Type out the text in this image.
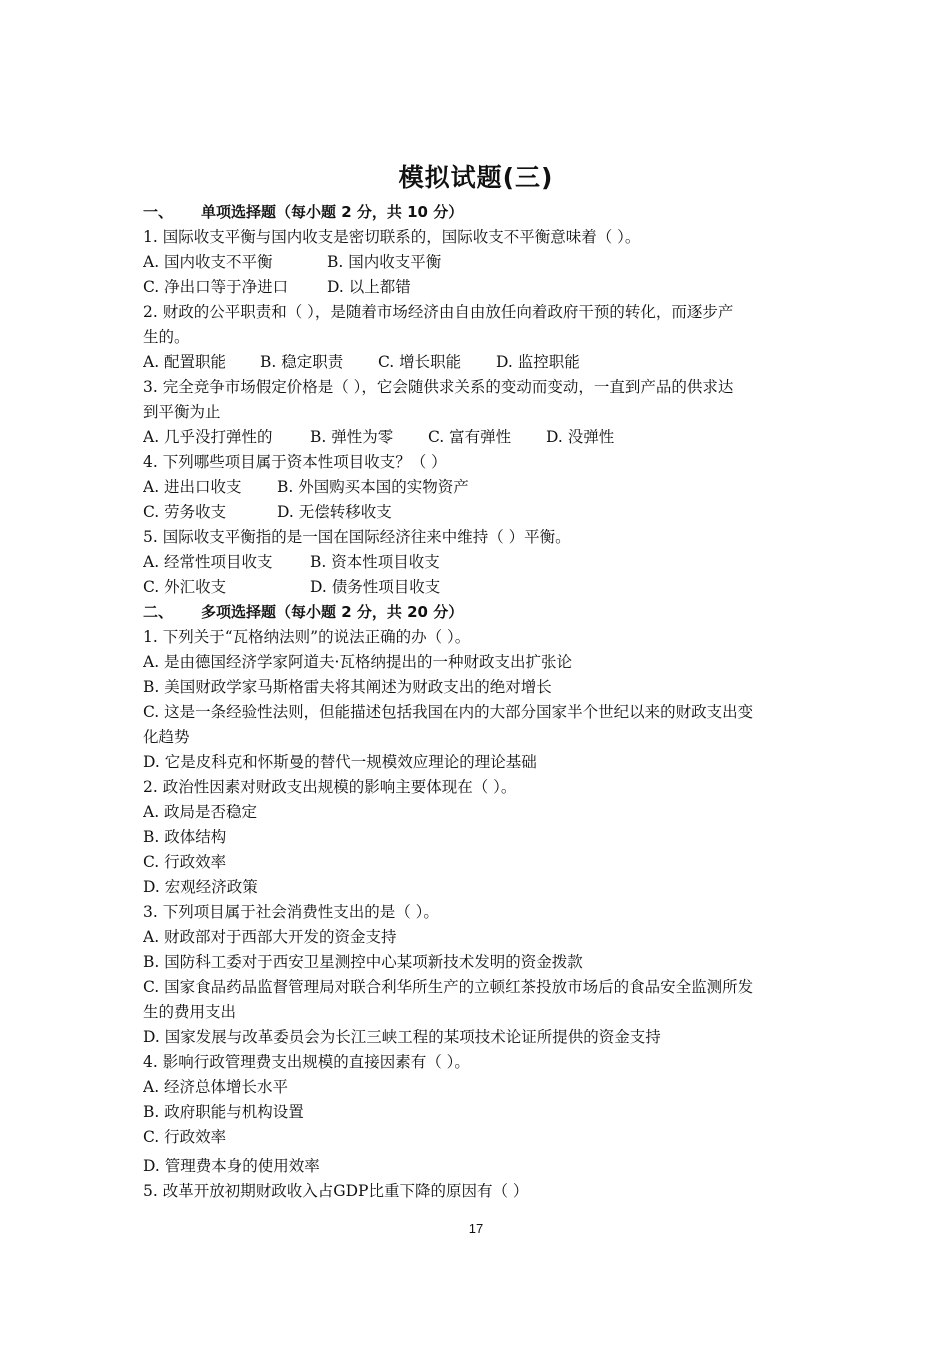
模拟试题(三)
一、 单项选择题（每小题 2 分，共 10 分）
1. 国际收支平衡与国内收支是密切联系的，国际收支不平衡意味着（ ）。
A. 国内收支不平衡	B. 国内收支平衡
C. 净出口等于净进口	D. 以上都错
2. 财政的公平职责和（ ），是随着市场经济由自由放任向着政府干预的转化，而逐步产
生的。
A. 配置职能 B. 稳定职责 C. 增长职能 D. 监控职能
3. 完全竞争市场假定价格是（ ），它会随供求关系的变动而变动，一直到产品的供求达
到平衡为止
A. 几乎没打弹性的 B. 弹性为零 C. 富有弹性 D. 没弹性
4. 下列哪些项目属于资本性项目收支？（ ）
A. 进出口收支 B. 外国购买本国的实物资产
C. 劳务收支	D. 无偿转移收支
5. 国际收支平衡指的是一国在国际经济往来中维持（ ）平衡。
A. 经常性项目收支 B. 资本性项目收支
C. 外汇收支	D. 债务性项目收支
二、 多项选择题（每小题 2 分，共 20 分）
1. 下列关于“瓦格纳法则”的说法正确的办（ ）。
A. 是由德国经济学家阿道夫·瓦格纳提出的一种财政支出扩张论
B. 美国财政学家马斯格雷夫将其阐述为财政支出的绝对增长
C. 这是一条经验性法则，但能描述包括我国在内的大部分国家半个世纪以来的财政支出变
化趋势
D. 它是皮科克和怀斯曼的替代一规模效应理论的理论基础
2. 政治性因素对财政支出规模的影响主要体现在（ ）。
A. 政局是否稳定
B. 政体结构
C. 行政效率
D. 宏观经济政策
3. 下列项目属于社会消费性支出的是（ ）。
A. 财政部对于西部大开发的资金支持
B. 国防科工委对于西安卫星测控中心某项新技术发明的资金拨款
C. 国家食品药品监督管理局对联合利华所生产的立顿红茶投放市场后的食品安全监测所发
生的费用支出
D. 国家发展与改革委员会为长江三峡工程的某项技术论证所提供的资金支持
4. 影响行政管理费支出规模的直接因素有（ ）。
A. 经济总体增长水平
B. 政府职能与机构设置
C. 行政效率
D. 管理费本身的使用效率
5. 改革开放初期财政收入占GDP比重下降的原因有（ ）
17
